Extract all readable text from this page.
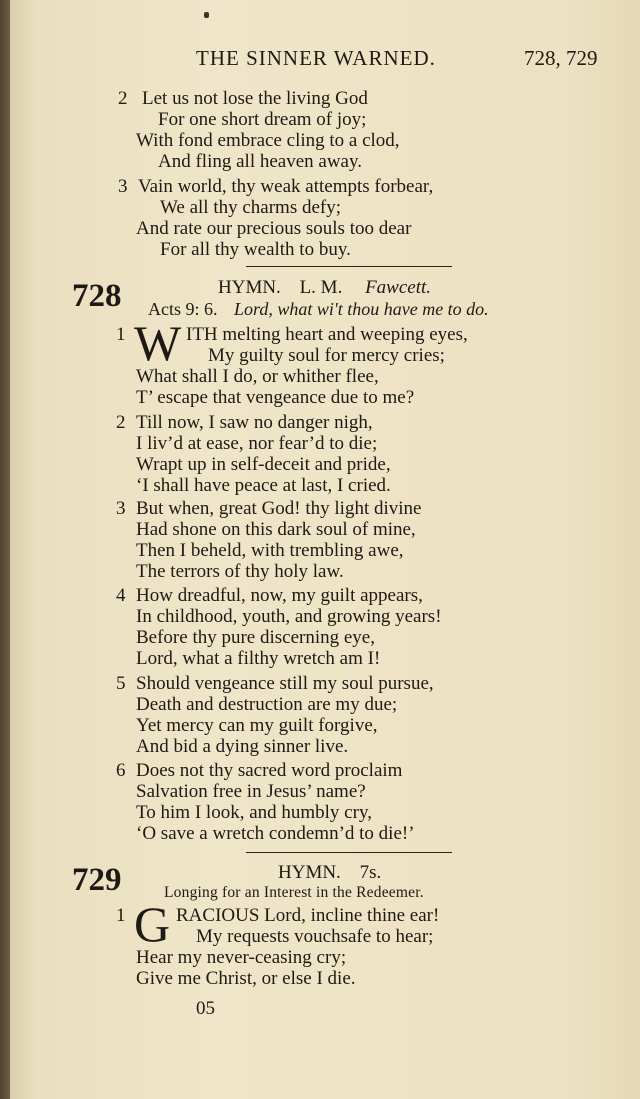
THE SINNER WARNED.	728, 729
2 Let us not lose the living God
For one short dream of joy;
With fond embrace cling to a clod,
And fling all heaven away.
3 Vain world, thy weak attempts forbear,
We all thy charms defy;
And rate our precious souls too dear
For all thy wealth to buy.
728	HYMN. L. M. Fawcett.
Acts 9: 6. Lord, what wi't thou have me to do.
1 W ITH melting heart and weeping eyes,
My guilty soul for mercy cries;
What shall I do, or whither flee,
T’ escape that vengeance due to me?
2 Till now, I saw no danger nigh,
I liv’d at ease, nor fear’d to die;
Wrapt up in self-deceit and pride,
‘I shall have peace at last, I cried.
3 But when, great God! thy light divine
Had shone on this dark soul of mine,
Then I beheld, with trembling awe,
The terrors of thy holy law.
4 How dreadful, now, my guilt appears,
In childhood, youth, and growing years!
Before thy pure discerning eye,
Lord, what a filthy wretch am I!
5 Should vengeance still my soul pursue,
Death and destruction are my due;
Yet mercy can my guilt forgive,
And bid a dying sinner live.
6 Does not thy sacred word proclaim
Salvation free in Jesus’ name?
To him I look, and humbly cry,
‘O save a wretch condemn’d to die!’
729	HYMN. 7s.
Longing for an Interest in the Redeemer.
1 G RACIOUS Lord, incline thine ear!
My requests vouchsafe to hear;
Hear my never-ceasing cry;
Give me Christ, or else I die.
05
